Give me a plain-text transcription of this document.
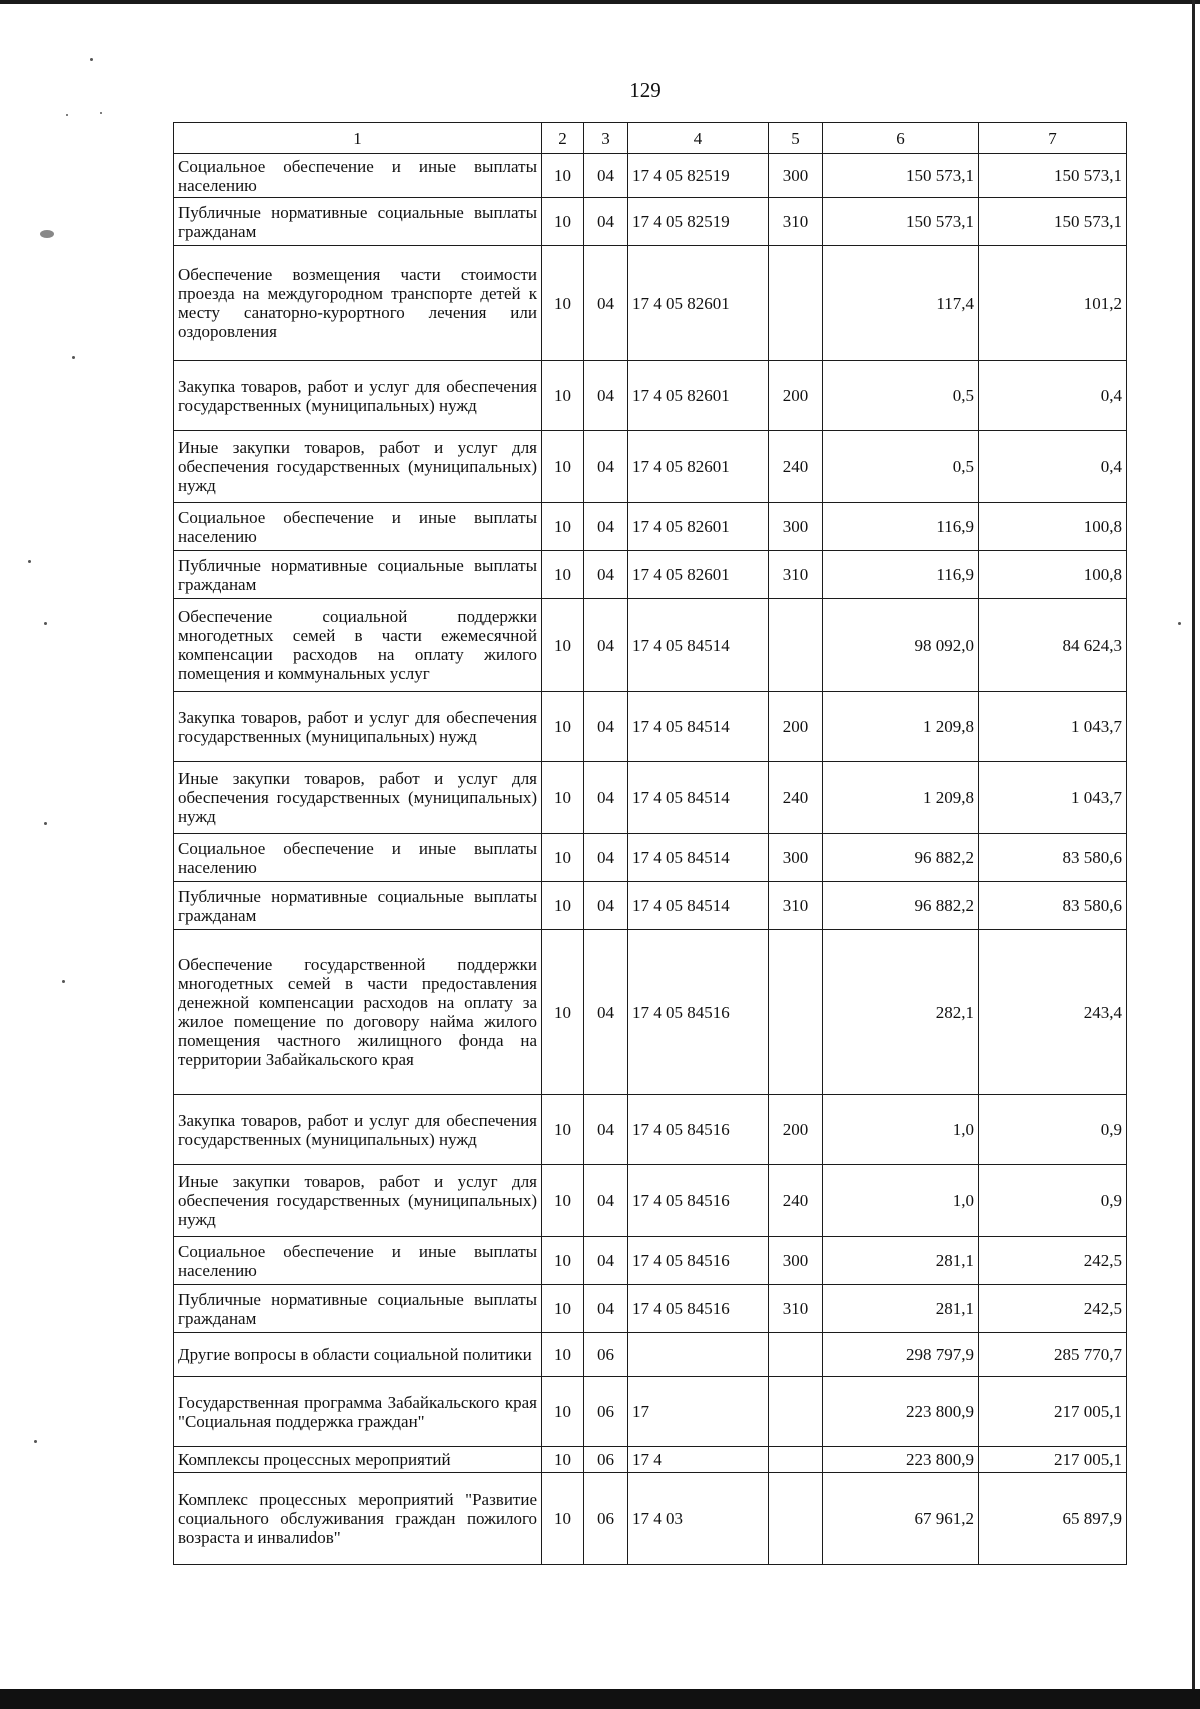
129
1	2	3	4	5	6	7
Социальное обеспечение и иные выплаты населению	10	04	17 4 05 82519	300	150 573,1	150 573,1
Публичные нормативные социальные выплаты гражданам	10	04	17 4 05 82519	310	150 573,1	150 573,1
Обеспечение возмещения части стоимости проезда на междугородном транспорте детей к месту санаторно-курортного лечения или оздоровления	10	04	17 4 05 82601		117,4	101,2
Закупка товаров, работ и услуг для обеспечения государственных (муниципальных) нужд	10	04	17 4 05 82601	200	0,5	0,4
Иные закупки товаров, работ и услуг для обеспечения государственных (муниципальных) нужд	10	04	17 4 05 82601	240	0,5	0,4
Социальное обеспечение и иные выплаты населению	10	04	17 4 05 82601	300	116,9	100,8
Публичные нормативные социальные выплаты гражданам	10	04	17 4 05 82601	310	116,9	100,8
Обеспечение социальной поддержки многодетных семей в части ежемесячной компенсации расходов на оплату жилого помещения и коммунальных услуг	10	04	17 4 05 84514		98 092,0	84 624,3
Закупка товаров, работ и услуг для обеспечения государственных (муниципальных) нужд	10	04	17 4 05 84514	200	1 209,8	1 043,7
Иные закупки товаров, работ и услуг для обеспечения государственных (муниципальных) нужд	10	04	17 4 05 84514	240	1 209,8	1 043,7
Социальное обеспечение и иные выплаты населению	10	04	17 4 05 84514	300	96 882,2	83 580,6
Публичные нормативные социальные выплаты гражданам	10	04	17 4 05 84514	310	96 882,2	83 580,6
Обеспечение государственной поддержки многодетных семей в части предоставления денежной компенсации расходов на оплату за жилое помещение по договору найма жилого помещения частного жилищного фонда на территории Забайкальского края	10	04	17 4 05 84516		282,1	243,4
Закупка товаров, работ и услуг для обеспечения государственных (муниципальных) нужд	10	04	17 4 05 84516	200	1,0	0,9
Иные закупки товаров, работ и услуг для обеспечения государственных (муниципальных) нужд	10	04	17 4 05 84516	240	1,0	0,9
Социальное обеспечение и иные выплаты населению	10	04	17 4 05 84516	300	281,1	242,5
Публичные нормативные социальные выплаты гражданам	10	04	17 4 05 84516	310	281,1	242,5
Другие вопросы в области социальной политики	10	06			298 797,9	285 770,7
Государственная программа Забайкальского края "Социальная поддержка граждан"	10	06	17		223 800,9	217 005,1
Комплексы процессных мероприятий	10	06	17 4		223 800,9	217 005,1
Комплекс процессных мероприятий "Развитие социального обслуживания граждан пожилого возраста и инвалиdов"	10	06	17 4 03		67 961,2	65 897,9
